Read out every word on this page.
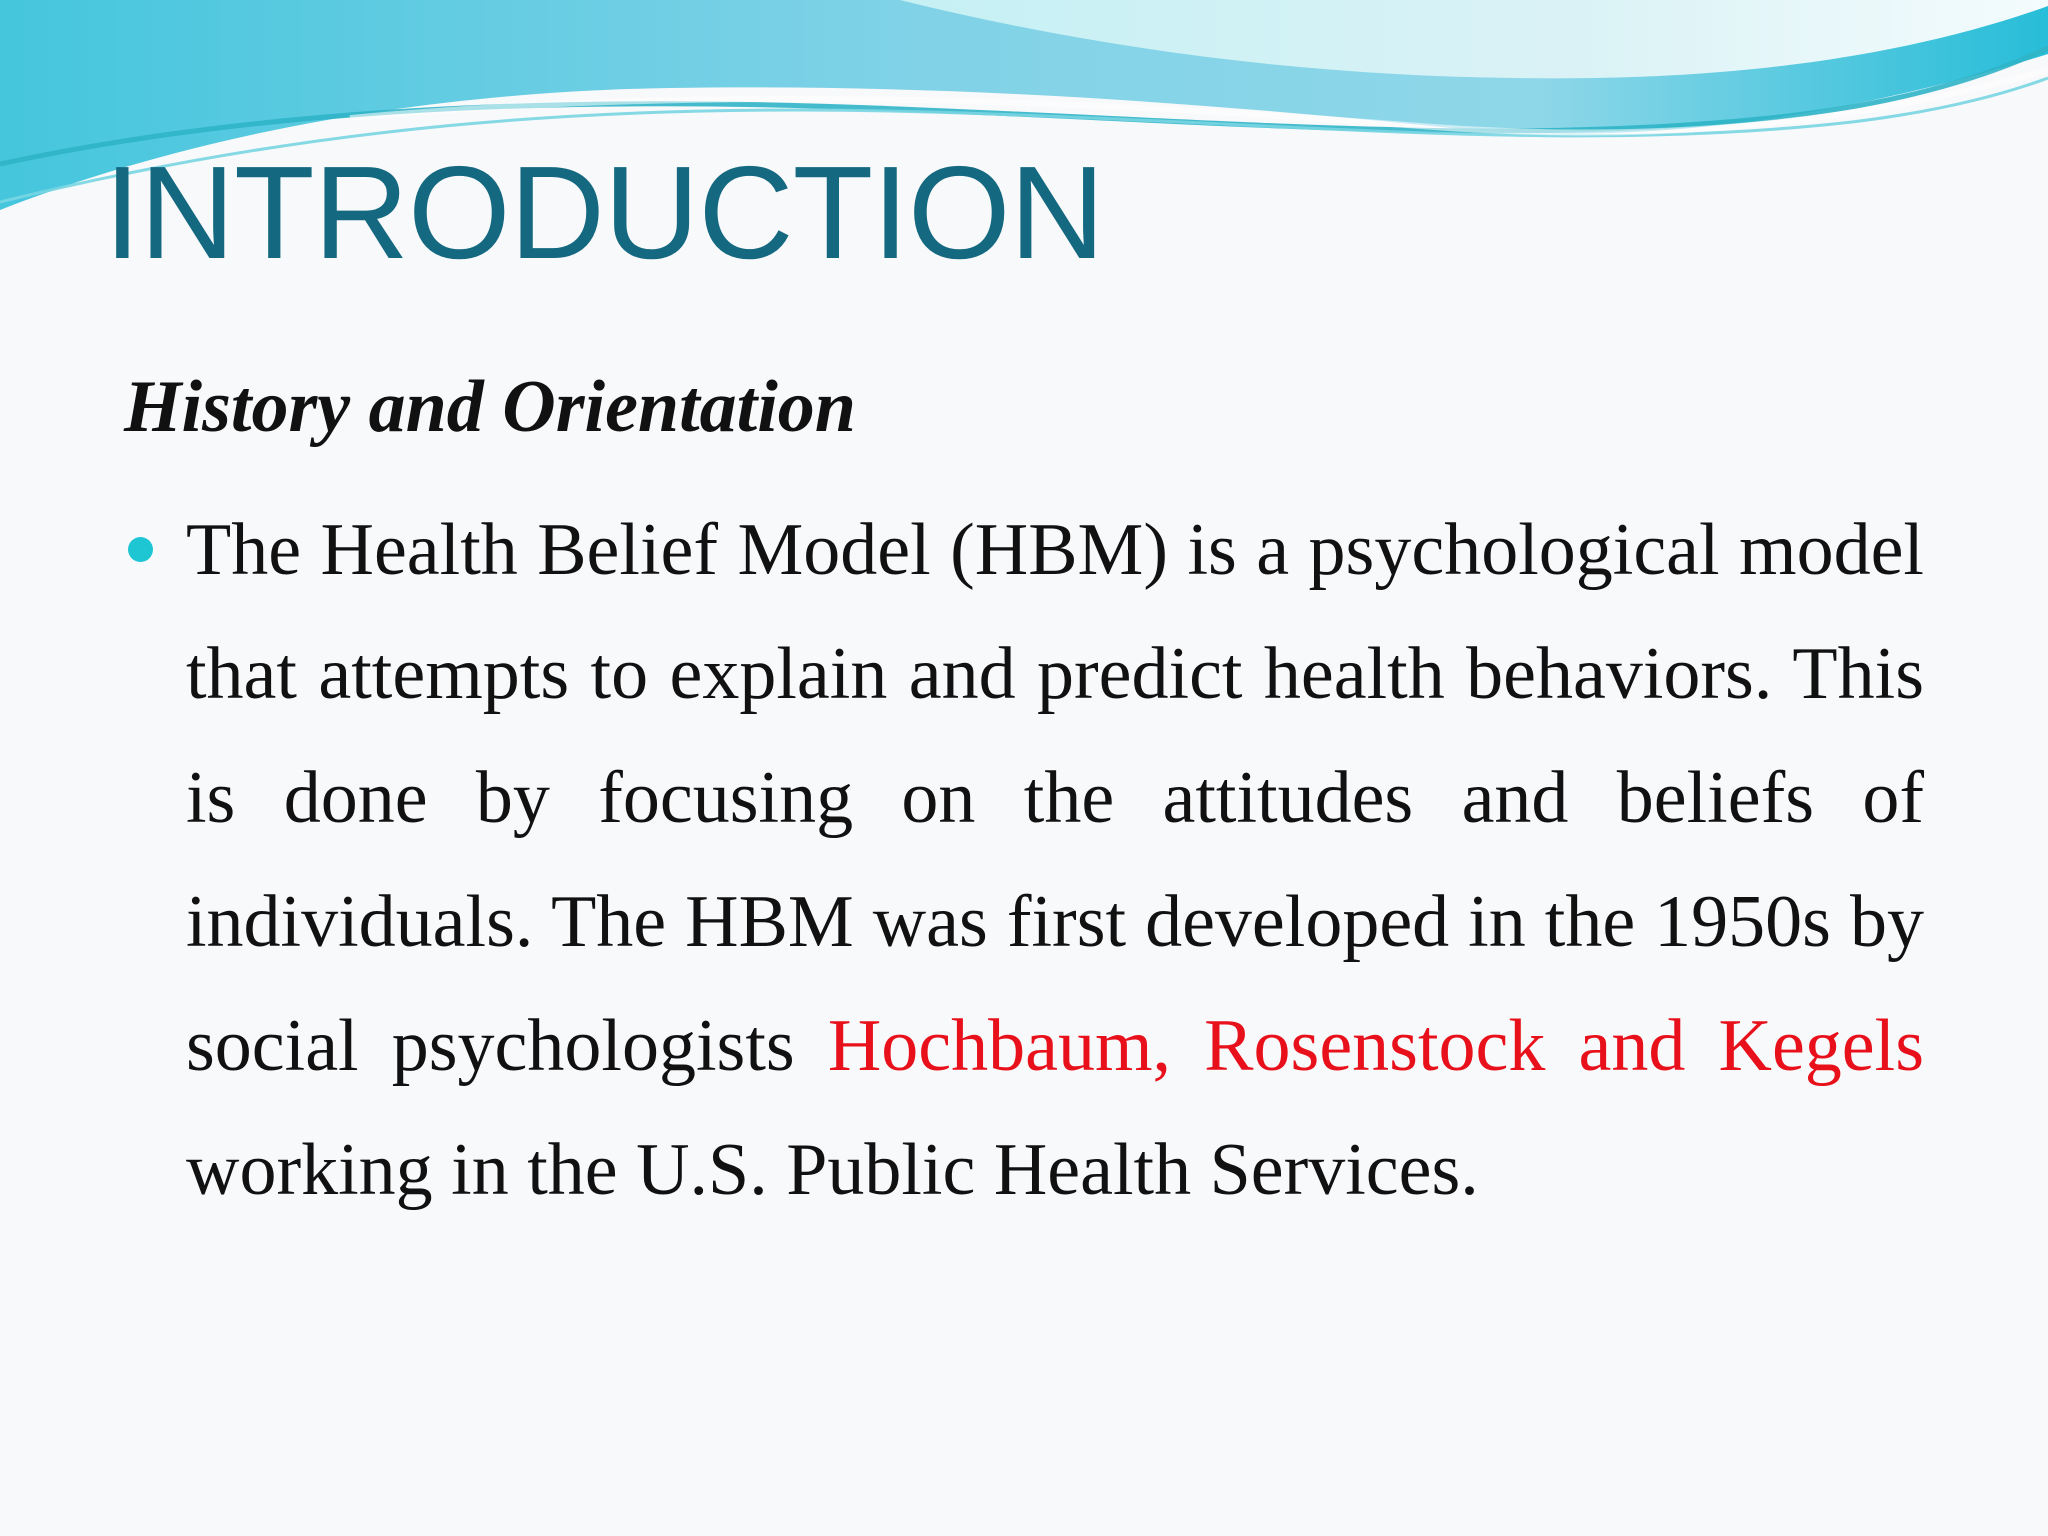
INTRODUCTION
History and Orientation
The Health Belief Model (HBM) is a psychological model that attempts to explain and predict health behaviors. This is done by focusing on the attitudes and beliefs of individuals. The HBM was first developed in the 1950s by social psychologists Hochbaum, Rosenstock and Kegels working in the U.S. Public Health Services.
